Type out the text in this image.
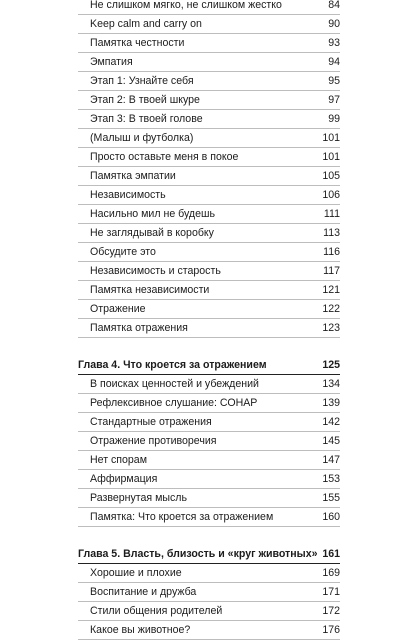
Не слишком мягко, не слишком жестко	84
Keep calm and carry on	90
Памятка честности	93
Эмпатия	94
Этап 1: Узнайте себя	95
Этап 2: В твоей шкуре	97
Этап 3: В твоей голове	99
(Малыш и футболка)	101
Просто оставьте меня в покое	101
Памятка эмпатии	105
Независимость	106
Насильно мил не будешь	111
Не заглядывай в коробку	113
Обсудите это	116
Независимость и старость	117
Памятка независимости	121
Отражение	122
Памятка отражения	123
Глава 4. Что кроется за отражением	125
В поисках ценностей и убеждений	134
Рефлексивное слушание: СОНАР	139
Стандартные отражения	142
Отражение противоречия	145
Нет спорам	147
Аффирмация	153
Развернутая мысль	155
Памятка: Что кроется за отражением	160
Глава 5. Власть, близость и «круг животных» 161
Хорошие и плохие	169
Воспитание и дружба	171
Стили общения родителей	172
Какое вы животное?	176
